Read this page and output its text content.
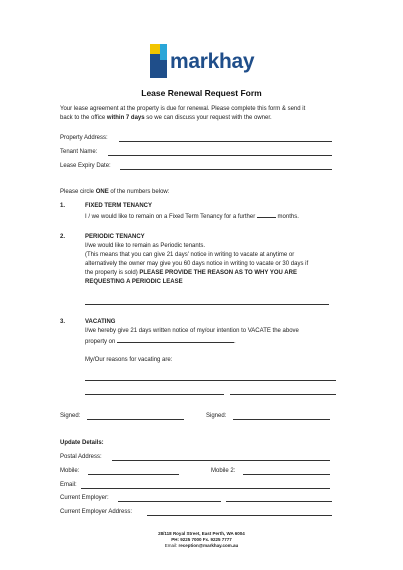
markhay
Lease Renewal Request Form
Your lease agreement at the property is due for renewal. Please complete this form & send it
back to the office within 7 days so we can discuss your request with the owner.
Property Address:
Tenant Name:
Lease Expiry Date:
Please circle ONE of the numbers below:
1.	FIXED TERM TENANCY
I / we would like to remain on a Fixed Term Tenancy for a further	months.
2.	PERIODIC TENANCY
I/we would like to remain as Periodic tenants.
(This means that you can give 21 days' notice in writing to vacate at anytime or
alternatively the owner may give you 60 days notice in writing to vacate or 30 days if
the property is sold) PLEASE PROVIDE THE REASON AS TO WHY YOU ARE
REQUESTING A PERIODIC LEASE
3.	VACATING
I/we hereby give 21 days written notice of my/our intention to VACATE the above
property on	.
My/Our reasons for vacating are:
Signed:	Signed:
Update Details:
Postal Address:
Mobile:	Mobile 2:
Email:
Current Employer:
Current Employer Address:
28/118 Royal Street, East Perth, WA 6004
PH: 9225 7000 Fx. 9225 7777
Email: reception@markhay.com.au
